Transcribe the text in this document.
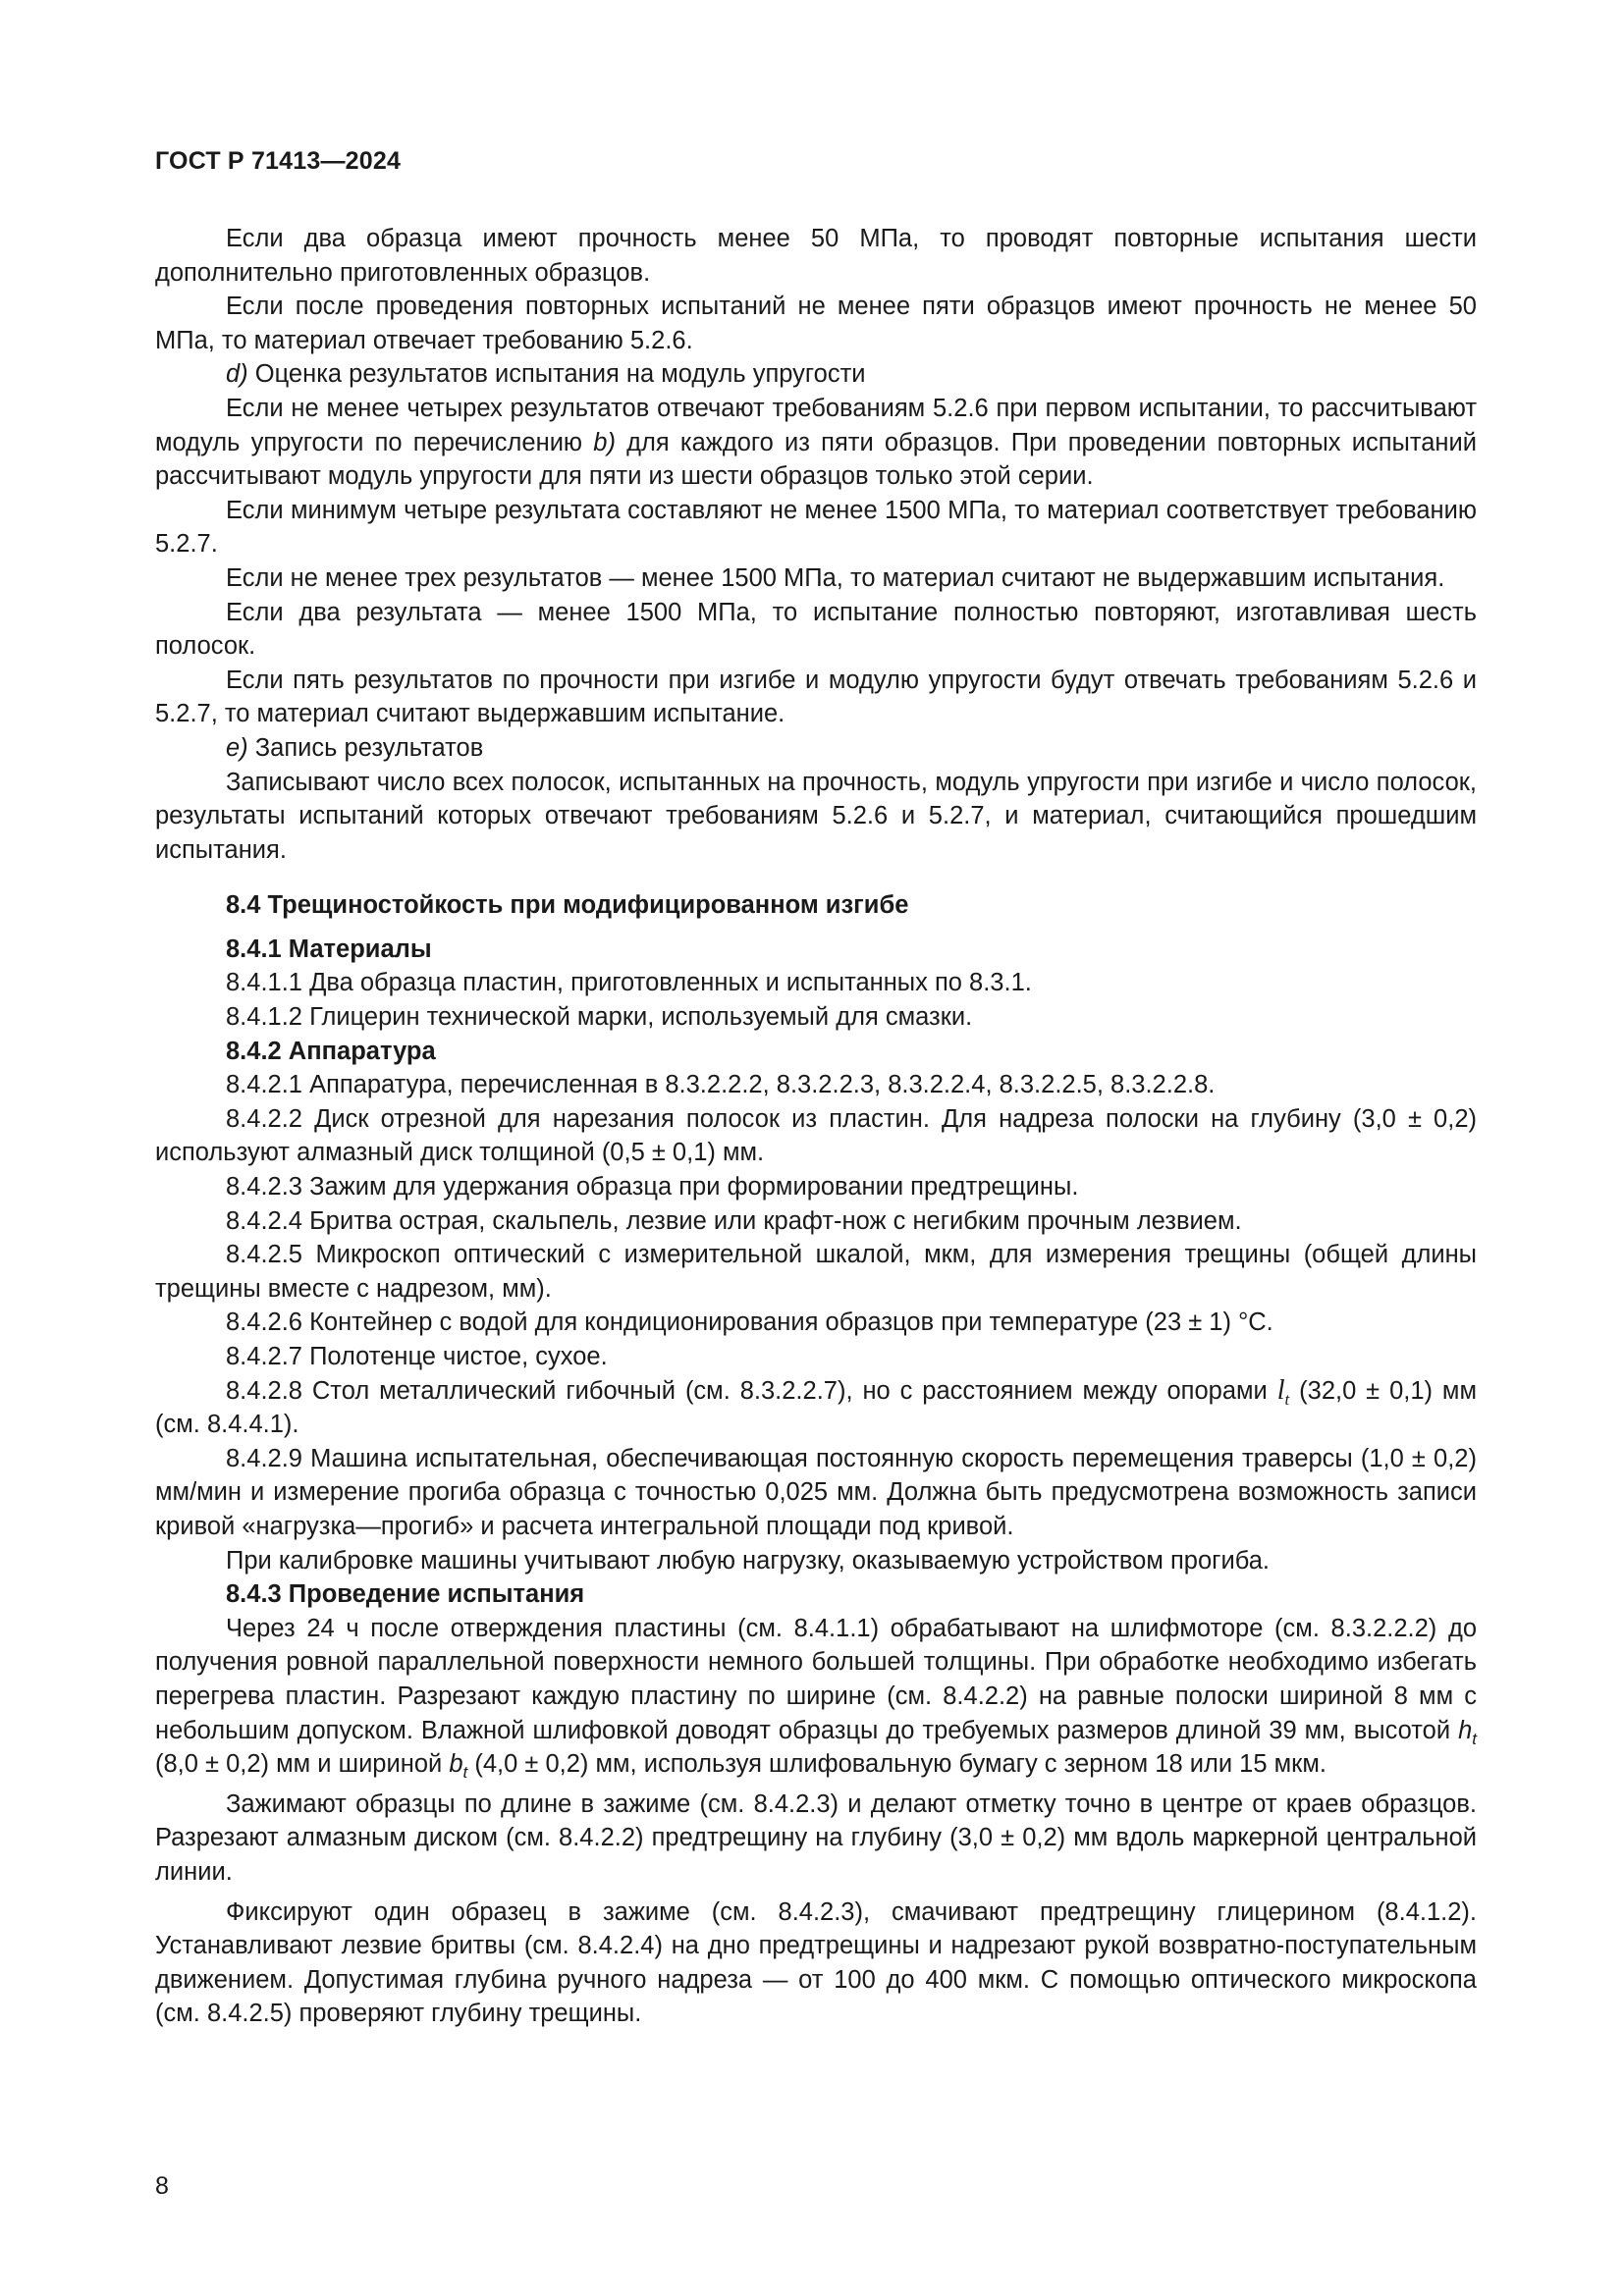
ГОСТ Р 71413—2024

Если два образца имеют прочность менее 50 МПа, то проводят повторные испытания шести дополнительно приготовленных образцов.

Если после проведения повторных испытаний не менее пяти образцов имеют прочность не менее 50 МПа, то материал отвечает требованию 5.2.6.

d) Оценка результатов испытания на модуль упругости

Если не менее четырех результатов отвечают требованиям 5.2.6 при первом испытании, то рассчитывают модуль упругости по перечислению b) для каждого из пяти образцов. При проведении повторных испытаний рассчитывают модуль упругости для пяти из шести образцов только этой серии.

Если минимум четыре результата составляют не менее 1500 МПа, то материал соответствует требованию 5.2.7.

Если не менее трех результатов — менее 1500 МПа, то материал считают не выдержавшим испытания.

Если два результата — менее 1500 МПа, то испытание полностью повторяют, изготавливая шесть полосок.

Если пять результатов по прочности при изгибе и модулю упругости будут отвечать требованиям 5.2.6 и 5.2.7, то материал считают выдержавшим испытание.

e) Запись результатов

Записывают число всех полосок, испытанных на прочность, модуль упругости при изгибе и число полосок, результаты испытаний которых отвечают требованиям 5.2.6 и 5.2.7, и материал, считающийся прошедшим испытания.

8.4 Трещиностойкость при модифицированном изгибе

8.4.1 Материалы

8.4.1.1 Два образца пластин, приготовленных и испытанных по 8.3.1.

8.4.1.2 Глицерин технической марки, используемый для смазки.

8.4.2 Аппаратура

8.4.2.1 Аппаратура, перечисленная в 8.3.2.2.2, 8.3.2.2.3, 8.3.2.2.4, 8.3.2.2.5, 8.3.2.2.8.

8.4.2.2 Диск отрезной для нарезания полосок из пластин. Для надреза полоски на глубину (3,0 ± 0,2) используют алмазный диск толщиной (0,5 ± 0,1) мм.

8.4.2.3 Зажим для удержания образца при формировании предтрещины.

8.4.2.4 Бритва острая, скальпель, лезвие или крафт-нож с негибким прочным лезвием.

8.4.2.5 Микроскоп оптический с измерительной шкалой, мкм, для измерения трещины (общей длины трещины вместе с надрезом, мм).

8.4.2.6 Контейнер с водой для кондиционирования образцов при температуре (23 ± 1) °С.

8.4.2.7 Полотенце чистое, сухое.

8.4.2.8 Стол металлический гибочный (см. 8.3.2.2.7), но с расстоянием между опорами $l_t$ (32,0 ± 0,1) мм (см. 8.4.4.1).

8.4.2.9 Машина испытательная, обеспечивающая постоянную скорость перемещения траверсы (1,0 ± 0,2) мм/мин и измерение прогиба образца с точностью 0,025 мм. Должна быть предусмотрена возможность записи кривой «нагрузка—прогиб» и расчета интегральной площади под кривой.

При калибровке машины учитывают любую нагрузку, оказываемую устройством прогиба.

8.4.3 Проведение испытания

Через 24 ч после отверждения пластины (см. 8.4.1.1) обрабатывают на шлифмоторе (см. 8.3.2.2.2) до получения ровной параллельной поверхности немного большей толщины. При обработке необходимо избегать перегрева пластин. Разрезают каждую пластину по ширине (см. 8.4.2.2) на равные полоски шириной 8 мм с небольшим допуском. Влажной шлифовкой доводят образцы до требуемых размеров длиной 39 мм, высотой $h_t$ (8,0 ± 0,2) мм и шириной $b_t$ (4,0 ± 0,2) мм, используя шлифовальную бумагу с зерном 18 или 15 мкм.

Зажимают образцы по длине в зажиме (см. 8.4.2.3) и делают отметку точно в центре от краев образцов. Разрезают алмазным диском (см. 8.4.2.2) предтрещину на глубину (3,0 ± 0,2) мм вдоль маркерной центральной линии.

Фиксируют один образец в зажиме (см. 8.4.2.3), смачивают предтрещину глицерином (8.4.1.2). Устанавливают лезвие бритвы (см. 8.4.2.4) на дно предтрещины и надрезают рукой возвратно-поступательным движением. Допустимая глубина ручного надреза — от 100 до 400 мкм. С помощью оптического микроскопа (см. 8.4.2.5) проверяют глубину трещины.

8
